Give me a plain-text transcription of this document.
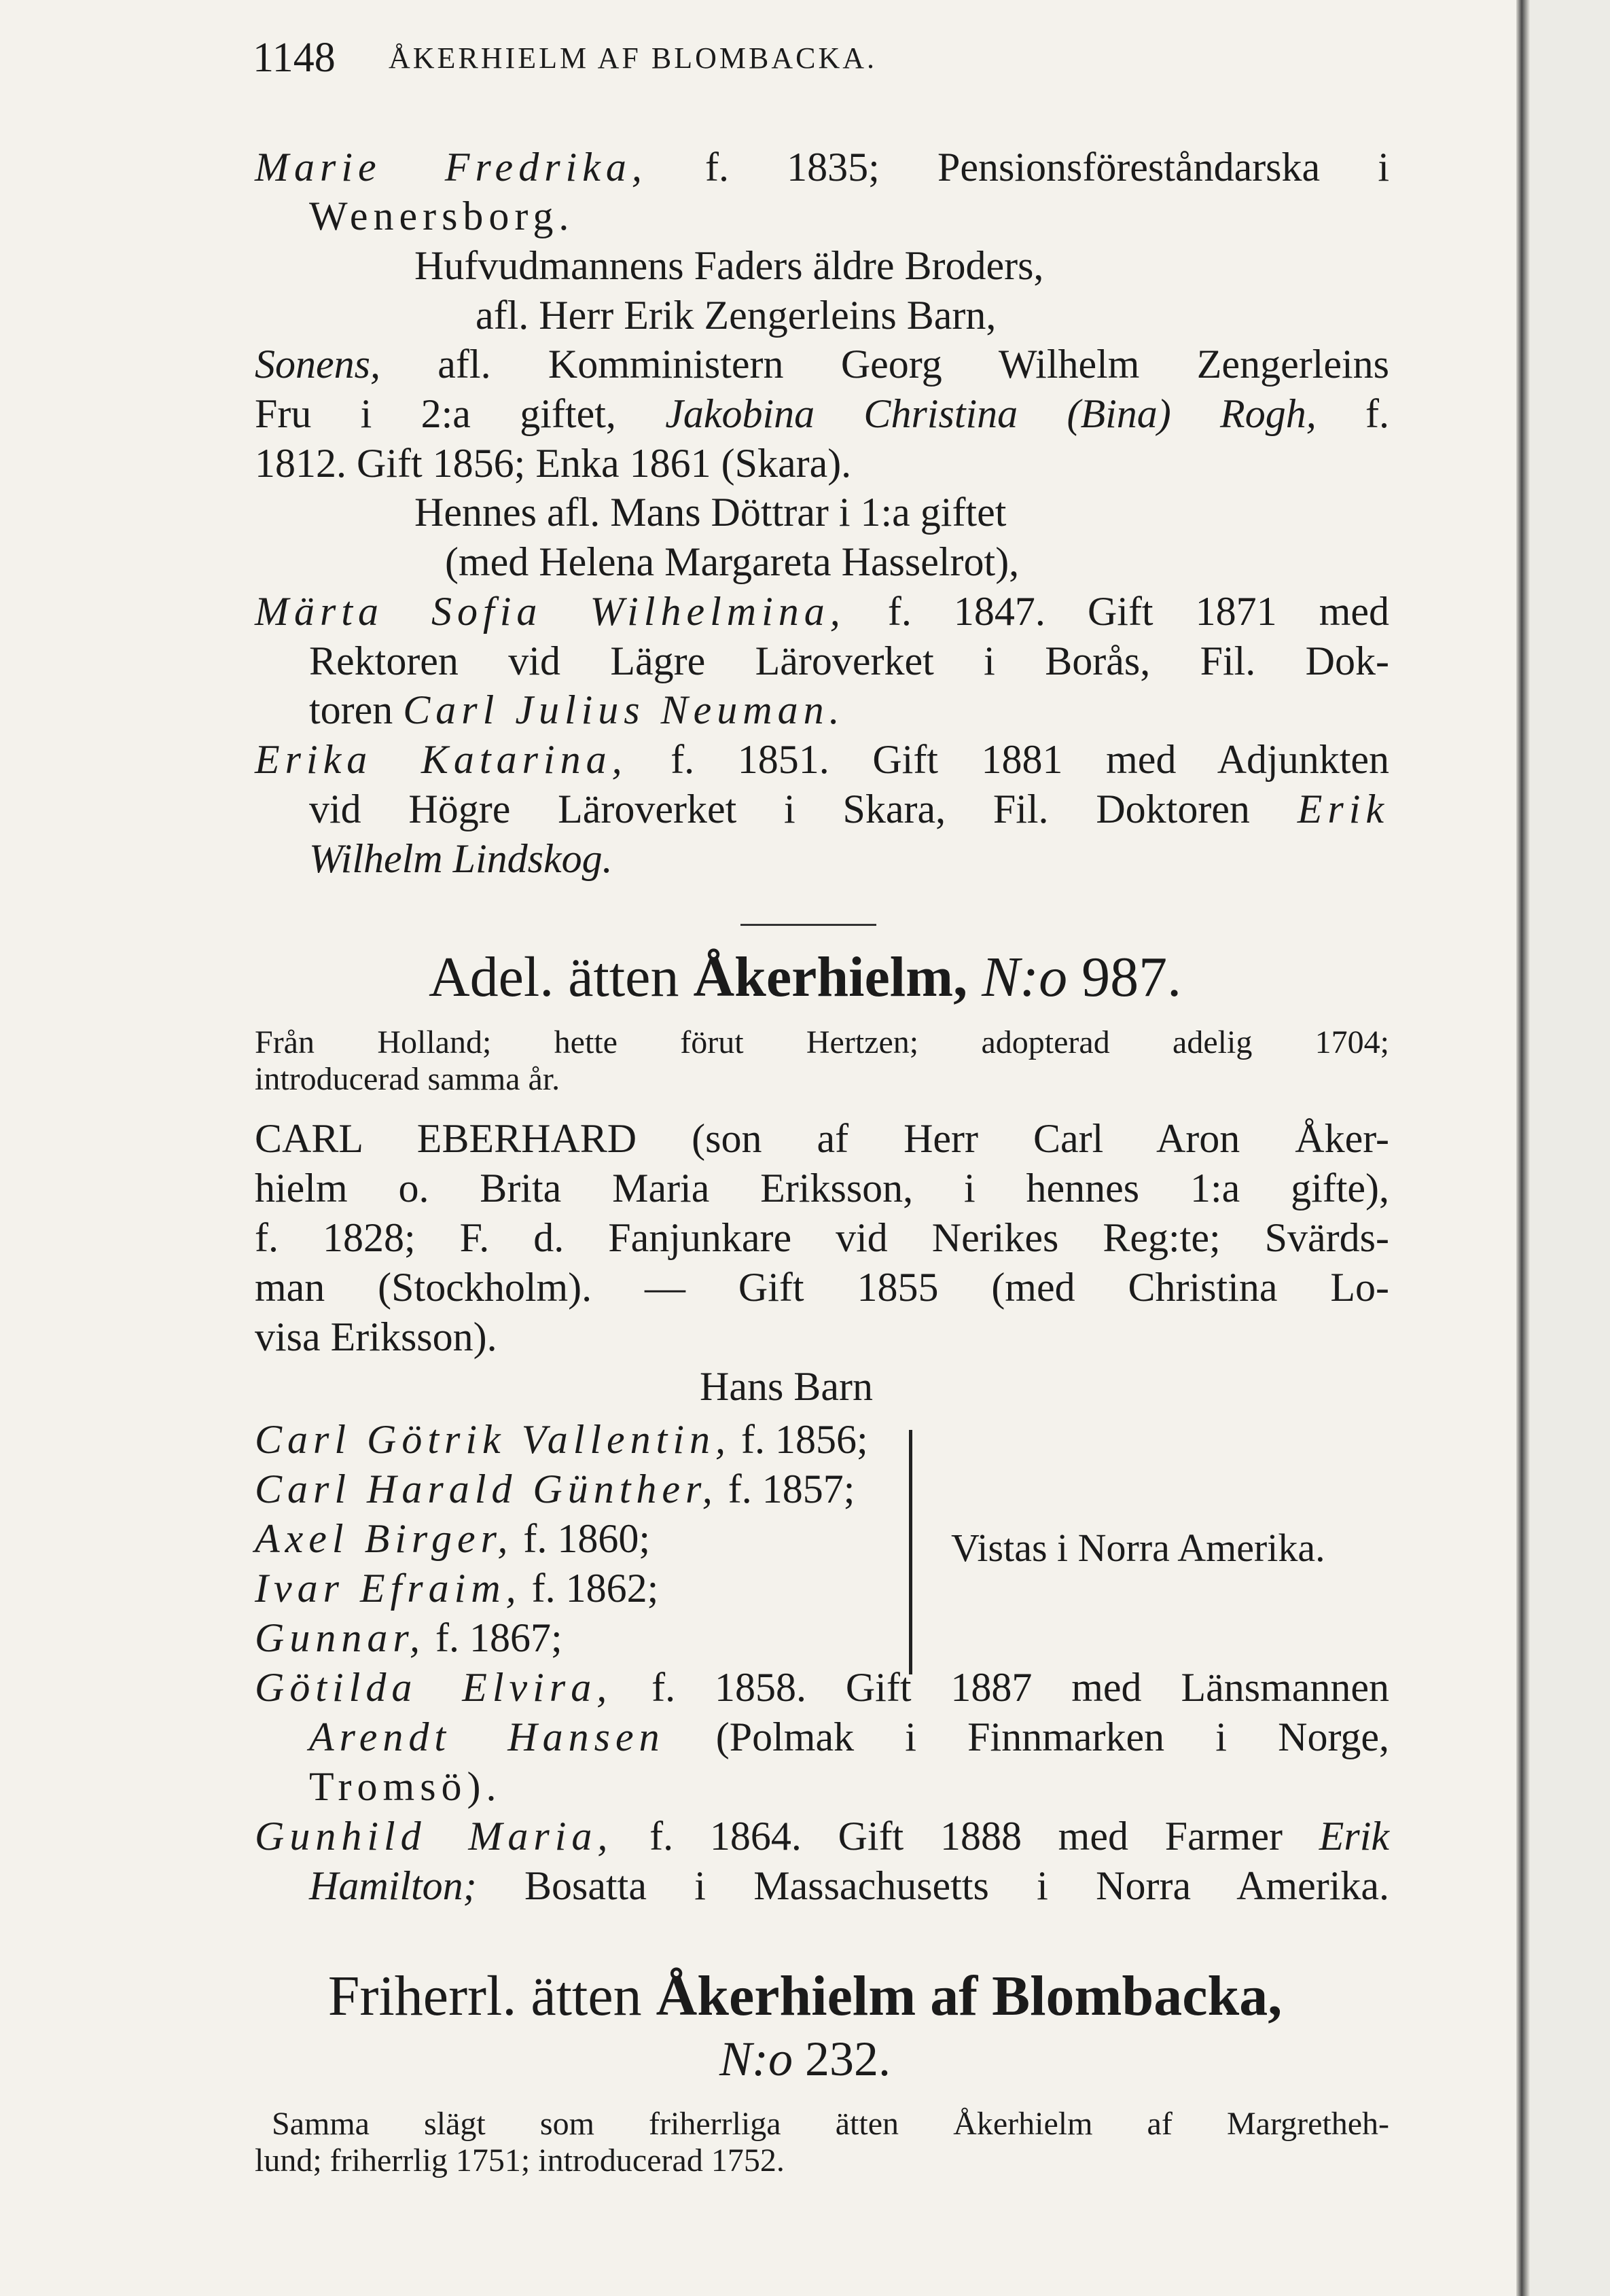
1148 ÅKERHIELM AF BLOMBACKA.
Marie Fredrika, f. 1835; Pensionsföreståndarska i
Wenersborg.
Hufvudmannens Faders äldre Broders,
afl. Herr Erik Zengerleins Barn,
Sonens, afl. Komministern Georg Wilhelm Zengerleins
Fru i 2:a giftet, Jakobina Christina (Bina) Rogh, f.
1812. Gift 1856; Enka 1861 (Skara).
Hennes afl. Mans Döttrar i 1:a giftet
(med Helena Margareta Hasselrot),
Märta Sofia Wilhelmina, f. 1847. Gift 1871 med
Rektoren vid Lägre Läroverket i Borås, Fil. Dok-
toren Carl Julius Neuman.
Erika Katarina, f. 1851. Gift 1881 med Adjunkten
vid Högre Läroverket i Skara, Fil. Doktoren Erik
Wilhelm Lindskog.
Adel. ätten Åkerhielm, N:o 987.
Från Holland; hette förut Hertzen; adopterad adelig 1704;
introducerad samma år.
CARL EBERHARD (son af Herr Carl Aron Åker-
hielm o. Brita Maria Eriksson, i hennes 1:a gifte),
f. 1828; F. d. Fanjunkare vid Nerikes Reg:te; Svärds-
man (Stockholm). — Gift 1855 (med Christina Lo-
visa Eriksson).
Hans Barn
Carl Götrik Vallentin, f. 1856;
Carl Harald Günther, f. 1857;
Axel Birger, f. 1860;
Ivar Efraim, f. 1862;
Gunnar, f. 1867;
Vistas i Norra Amerika.
Götilda Elvira, f. 1858. Gift 1887 med Länsmannen
Arendt Hansen (Polmak i Finnmarken i Norge,
Tromsö).
Gunhild Maria, f. 1864. Gift 1888 med Farmer Erik
Hamilton; Bosatta i Massachusetts i Norra Amerika.
Friherrl. ätten Åkerhielm af Blombacka,
N:o 232.
Samma slägt som friherrliga ätten Åkerhielm af Margretheh-
lund; friherrlig 1751; introducerad 1752.
